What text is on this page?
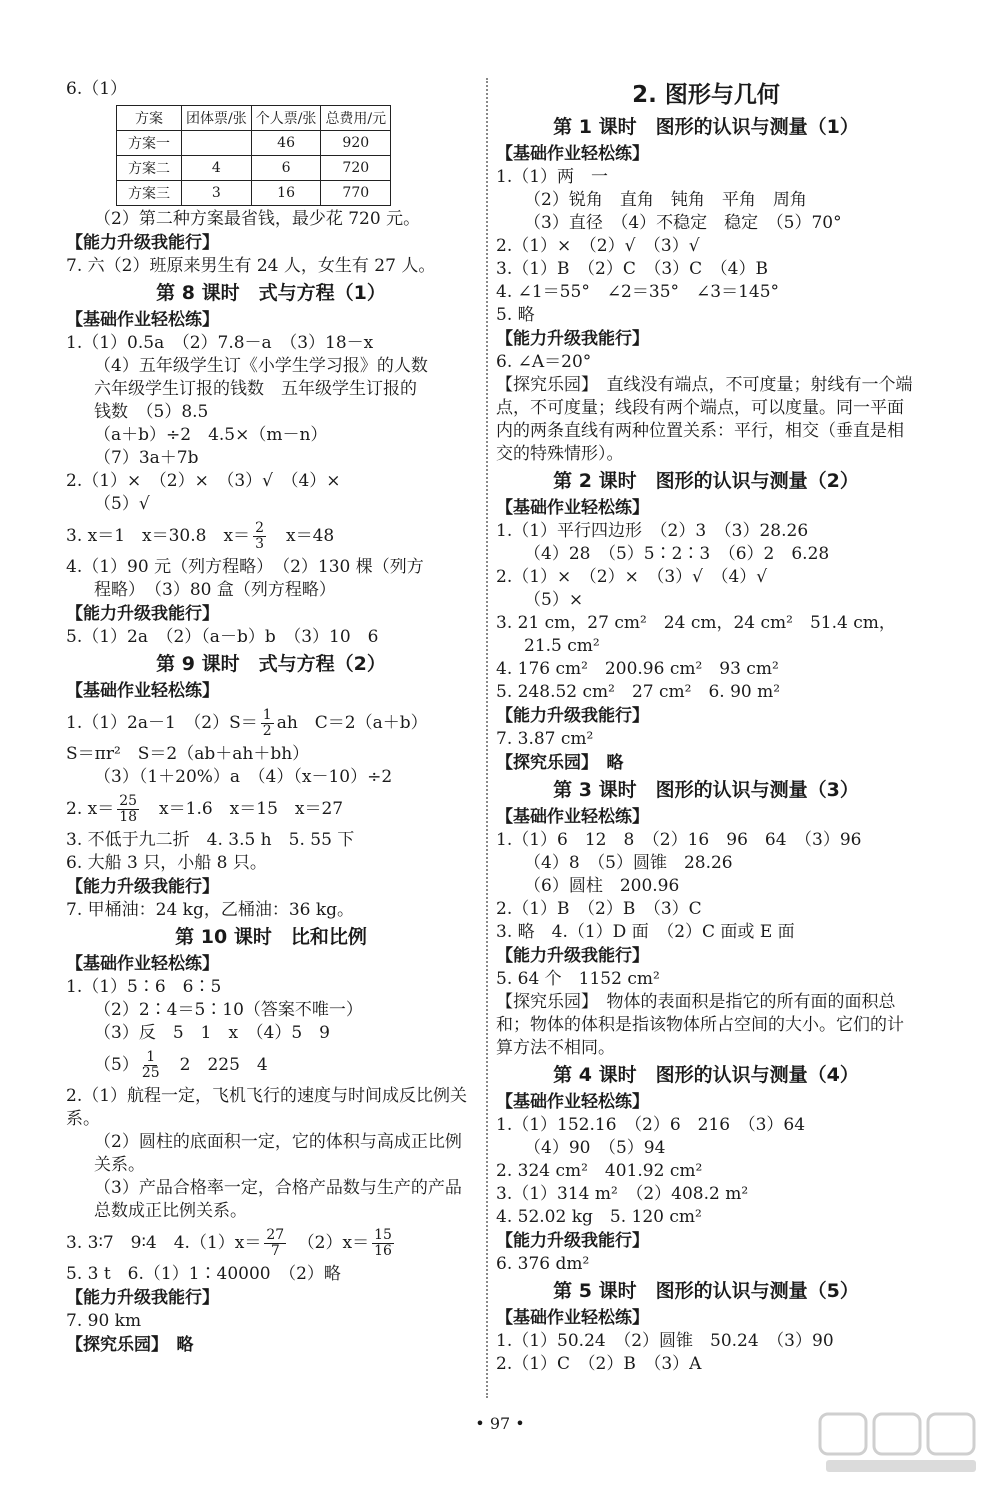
6.（1）
方案	团体票/张	个人票/张	总费用/元
方案一		46	920
方案二	4	6	720
方案三	3	16	770
（2）第二种方案最省钱，最少花 720 元。
【能力升级我能行】
7. 六（2）班原来男生有 24 人，女生有 27 人。
第 8 课时　式与方程（1）
【基础作业轻松练】
1.（1）0.5a　（2）7.8－a　（3）18－x
（4）五年级学生订《小学生学习报》的人数
六年级学生订报的钱数　五年级学生订报的
钱数　（5）8.5
（a＋b）÷2　4.5×（m－n）
（7）3a＋7b
2.（1）×　（2）×　（3）√　（4）×
（5）√
3. x＝1　x＝30.8　$x= \frac{2}{3}$ 　x＝48
4.（1）90 元（列方程略）　（2）130 棵（列方
程略）　（3）80 盒（列方程略）
【能力升级我能行】
5.（1）2a　（2）（a－b）b　（3）10　6
第 9 课时　式与方程（2）
【基础作业轻松练】
1.（1）2a－1　$(2)S= \frac{1}{2}$ ah　C＝2（a＋b）
S＝πr²　S＝2（ab＋ah＋bh）
（3）（1＋20%）a　（4）（x－10）÷2
2. $x= \frac{25}{18}$ 　x＝1.6　x＝15　x＝27
3. 不低于九二折　4. 3.5 h　5. 55 下
6. 大船 3 只，小船 8 只。
【能力升级我能行】
7. 甲桶油：24 kg，乙桶油：36 kg。
第 10 课时　比和比例
【基础作业轻松练】
1.（1）5∶6　6∶5
（2）2∶4＝5∶10（答案不唯一）
（3）反　5　1　x　（4）5　9
$(5) \frac{1}{25}$ 　2　225　4
2.（1）航程一定，飞机飞行的速度与时间成反比例关系。
（2）圆柱的底面积一定，它的体积与高成正比例关系。
（3）产品合格率一定，合格产品数与生产的产品总数成正比例关系。
3. 3∶7　9∶4　$4.(1)x= \frac{27}{7}$ 　$(2)x= \frac{15}{16}$
5. 3 t　6.（1）1∶40000　（2）略
【能力升级我能行】
7. 90 km
【探究乐园】　略
2. 图形与几何
第 1 课时　图形的认识与测量（1）
【基础作业轻松练】
1.（1）两　一
（2）锐角　直角　钝角　平角　周角
（3）直径　（4）不稳定　稳定　（5）70°
2.（1）×　（2）√　（3）√
3.（1）B　（2）C　（3）C　（4）B
4. ∠1＝55°　∠2＝35°　∠3＝145°
5. 略
【能力升级我能行】
6. ∠A＝20°
【探究乐园】　直线没有端点，不可度量；射线有一个端点，不可度量；线段有两个端点，可以度量。同一平面内的两条直线有两种位置关系：平行，相交（垂直是相交的特殊情形）。
第 2 课时　图形的认识与测量（2）
【基础作业轻松练】
1.（1）平行四边形　（2）3　（3）28.26
（4）28　（5）5∶2∶3　（6）2　6.28
2.（1）×　（2）×　（3）√　（4）√
（5）×
3. 21 cm，27 cm²　24 cm，24 cm²　51.4 cm，
21.5 cm²
4. 176 cm²　200.96 cm²　93 cm²
5. 248.52 cm²　27 cm²　6. 90 m²
【能力升级我能行】
7. 3.87 cm²
【探究乐园】　略
第 3 课时　图形的认识与测量（3）
【基础作业轻松练】
1.（1）6　12　8　（2）16　96　64　（3）96
（4）8　（5）圆锥　28.26
（6）圆柱　200.96
2.（1）B　（2）B　（3）C
3. 略　4.（1）D 面　（2）C 面或 E 面
【能力升级我能行】
5. 64 个　1152 cm²
【探究乐园】　物体的表面积是指它的所有面的面积总和；物体的体积是指该物体所占空间的大小。它们的计算方法不相同。
第 4 课时　图形的认识与测量（4）
【基础作业轻松练】
1.（1）152.16　（2）6　216　（3）64
（4）90　（5）94
2. 324 cm²　401.92 cm²
3.（1）314 m²　（2）408.2 m²
4. 52.02 kg　5. 120 cm²
【能力升级我能行】
6. 376 dm²
第 5 课时　图形的认识与测量（5）
【基础作业轻松练】
1.（1）50.24　（2）圆锥　50.24　（3）90
2.（1）C　（2）B　（3）A
• 97 •
